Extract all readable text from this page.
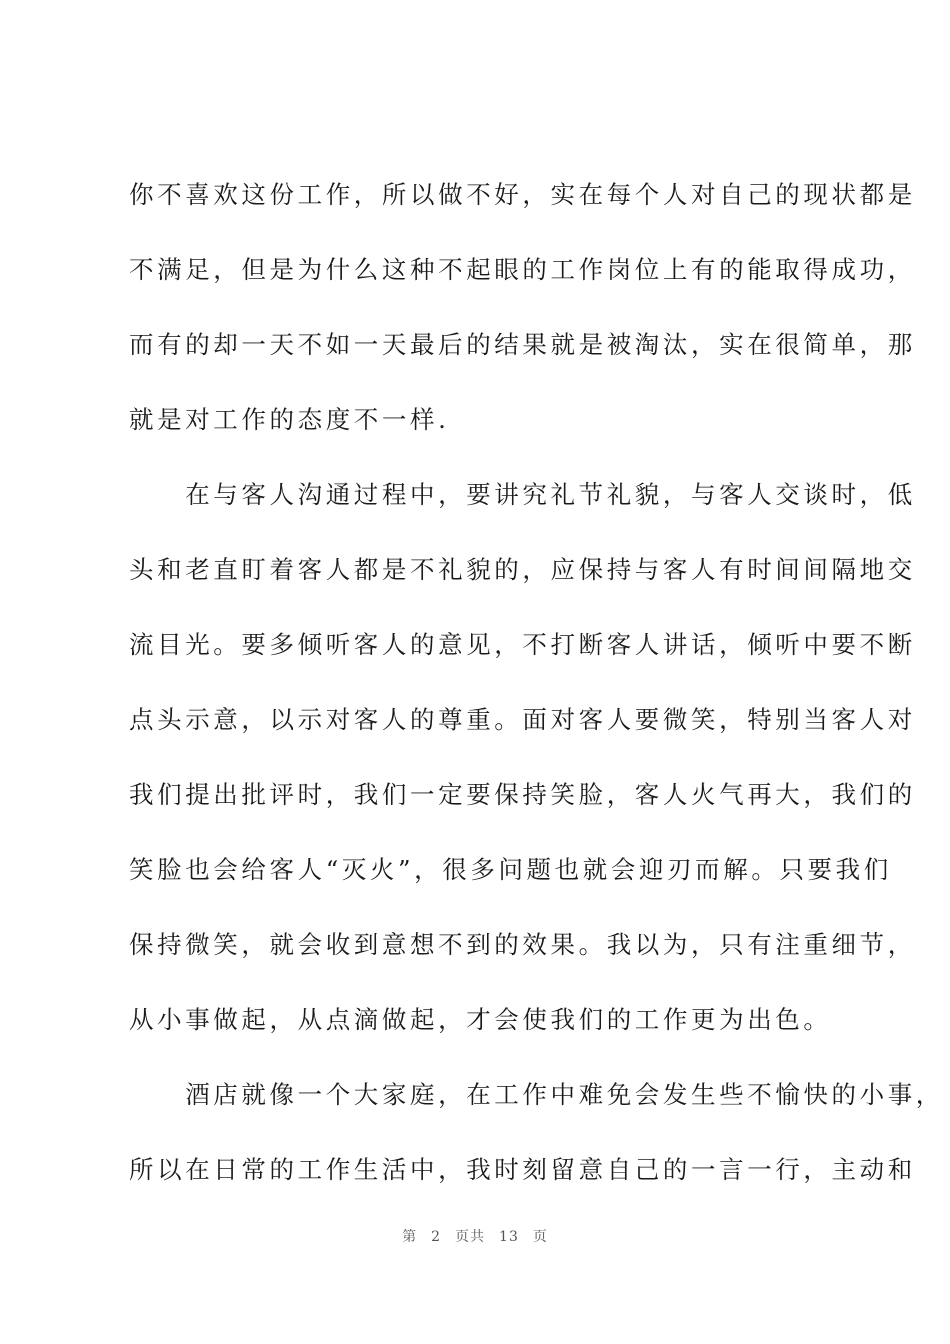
你不喜欢这份工作，所以做不好，实在每个人对自己的现状都是
不满足，但是为什么这种不起眼的工作岗位上有的能取得成功，
而有的却一天不如一天最后的结果就是被淘汰，实在很简单，那
就是对工作的态度不一样.
　　在与客人沟通过程中，要讲究礼节礼貌，与客人交谈时，低
头和老直盯着客人都是不礼貌的，应保持与客人有时间间隔地交
流目光。要多倾听客人的意见，不打断客人讲话，倾听中要不断
点头示意，以示对客人的尊重。面对客人要微笑，特别当客人对
我们提出批评时，我们一定要保持笑脸，客人火气再大，我们的
笑脸也会给客人“灭火”，很多问题也就会迎刃而解。只要我们
保持微笑，就会收到意想不到的效果。我以为，只有注重细节，
从小事做起，从点滴做起，才会使我们的工作更为出色。
　　酒店就像一个大家庭，在工作中难免会发生些不愉快的小事，
所以在日常的工作生活中，我时刻留意自己的一言一行，主动和
第 2 页共 13 页
